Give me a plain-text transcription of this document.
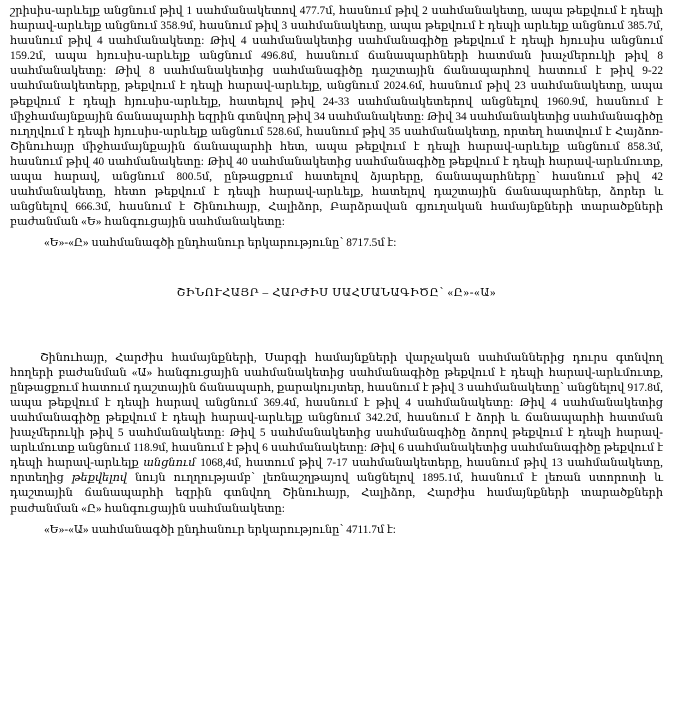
շրիսիս-արևելք անցնում թիվ 1 սահմանակետով 477.7մ, հասնում թիվ 2 սահմանակետը, ապա թեքվում է դեպի հարավ-արևելք անցնում 358.9մ, հասնում թիվ 3 սահմանակետը, ապա թեքվում է դեպի արևելք անցնում 385.7մ, հասնում թիվ 4 սահմանակետը: Թիվ 4 սահմանակետից սահմանագիծը թեքվում է դեպի հյուսիս անցնում 159.2մ, ապա հյուսիս-արևելք անցնում 496.8մ, հասնում ճանապարհների հատման խաչմերուկի թիվ 8 սահմանակետը: Թիվ 8 սահմանակետից սահմանագիծը դաշտային ճանապարհով հատում է թիվ 9-22 սահմանակետերը, թեքվում է դեպի հարավ-արևելք, անցնում 2024.6մ, հասնում թիվ 23 սահմանակետը, ապա թեքվում է դեպի հյուսիս-արևելք, հատելով թիվ 24-33 սահմանակետերով անցնելով 1960.9մ, հասնում է միջհամայնքային ճանապարհի եզրին գտնվող թիվ 34 սահմանակետը: Թիվ 34 սահմանակետից սահմանագիծը ուղղվում է դեպի հյուսիս-արևելք անցնում 528.6մ, հասնում թիվ 35 սահմանակետը, որտեղ հատվում է Հայձոռ-Շինուհայր միջհամայնքային ճանապարհի հետ, ապա թեքվում է դեպի հարավ-արևելք անցնում 858.3մ, հասնում թիվ 40 սահմանակետը: Թիվ 40 սահմանակետից սահմանագիծը թեքվում է դեպի հարավ-արևմուտք, ապա հարավ, անցնում 800.5մ, ընթացքում հատելով ձյարերը, ճանապարհները՝ հասնում թիվ 42 սահմանակետը, հետո թեքվում է դեպի հարավ-արևելք, հատելով դաշտային ճանապարհներ, ձորեր և անցնելով 666.3մ, հասնում է Շինուհայր, Հալիձոր, Բարձրավան գյուղական համայնքների տարածքների բաժանման «Ե» հանգուցային սահմանակետը:

«Ե»-«Ը» սահմանագծի ընդհանուր երկարությունը՝ 8717.5մ է:

ՇԻՆՈՒՀԱՅՐ – ՀԱՐԺԻՍ ՍԱՀՄԱՆԱԳԻԾԸ՝ «Ը»-«Ա»

Շինուհայր, Հարժիս համայնքների, Սարգի համայնքների վարչական սահմաններից դուրս գտնվող հողերի բաժանման «Ա» հանգուցային սահմանակետից սահմանագիծը թեքվում է դեպի հարավ-արևմուտք, ընթացքում հատում դաշտային ճանապարհ, քարակույտեր, հասնում է թիվ 3 սահմանակետը՝ անցնելով 917.8մ, ապա թեքվում է դեպի հարավ անցնում 369.4մ, հասնում է թիվ 4 սահմանակետը: Թիվ 4 սահմանակետից սահմանագիծը թեքվում է դեպի հարավ-արևելք անցնում 342.2մ, հասնում է ձորի և ճանապարհի հատման խաչմերուկի թիվ 5 սահմանակետը: Թիվ 5 սահմանակետից սահմանագիծը ձորով թեքվում է դեպի հարավ-արևմուտք անցնում 118.9մ, հասնում է թիվ 6 սահմանակետը: Թիվ 6 սահմանակետից սահմանագիծը թեքվում է դեպի հարավ-արևելք անցնում 1068,4մ, հատում թիվ 7-17 սահմանակետերը, հասնում թիվ 13 սահմանակետը, որտեղից թեքվելով նույն ուղղությամբ՝ լեռնաշղթայով անցնելով 1895.1մ, հասնում է լեռան ստորոտի և դաշտային ճանապարհի եզրին գտնվող Շինուհայր, Հալիձոր, Հարժիս համայնքների տարածքների բաժանման «Ը» հանգուցային սահմանակետը:

«Ե»-«Ա» սահմանագծի ընդհանուր երկարությունը՝ 4711.7մ է:
